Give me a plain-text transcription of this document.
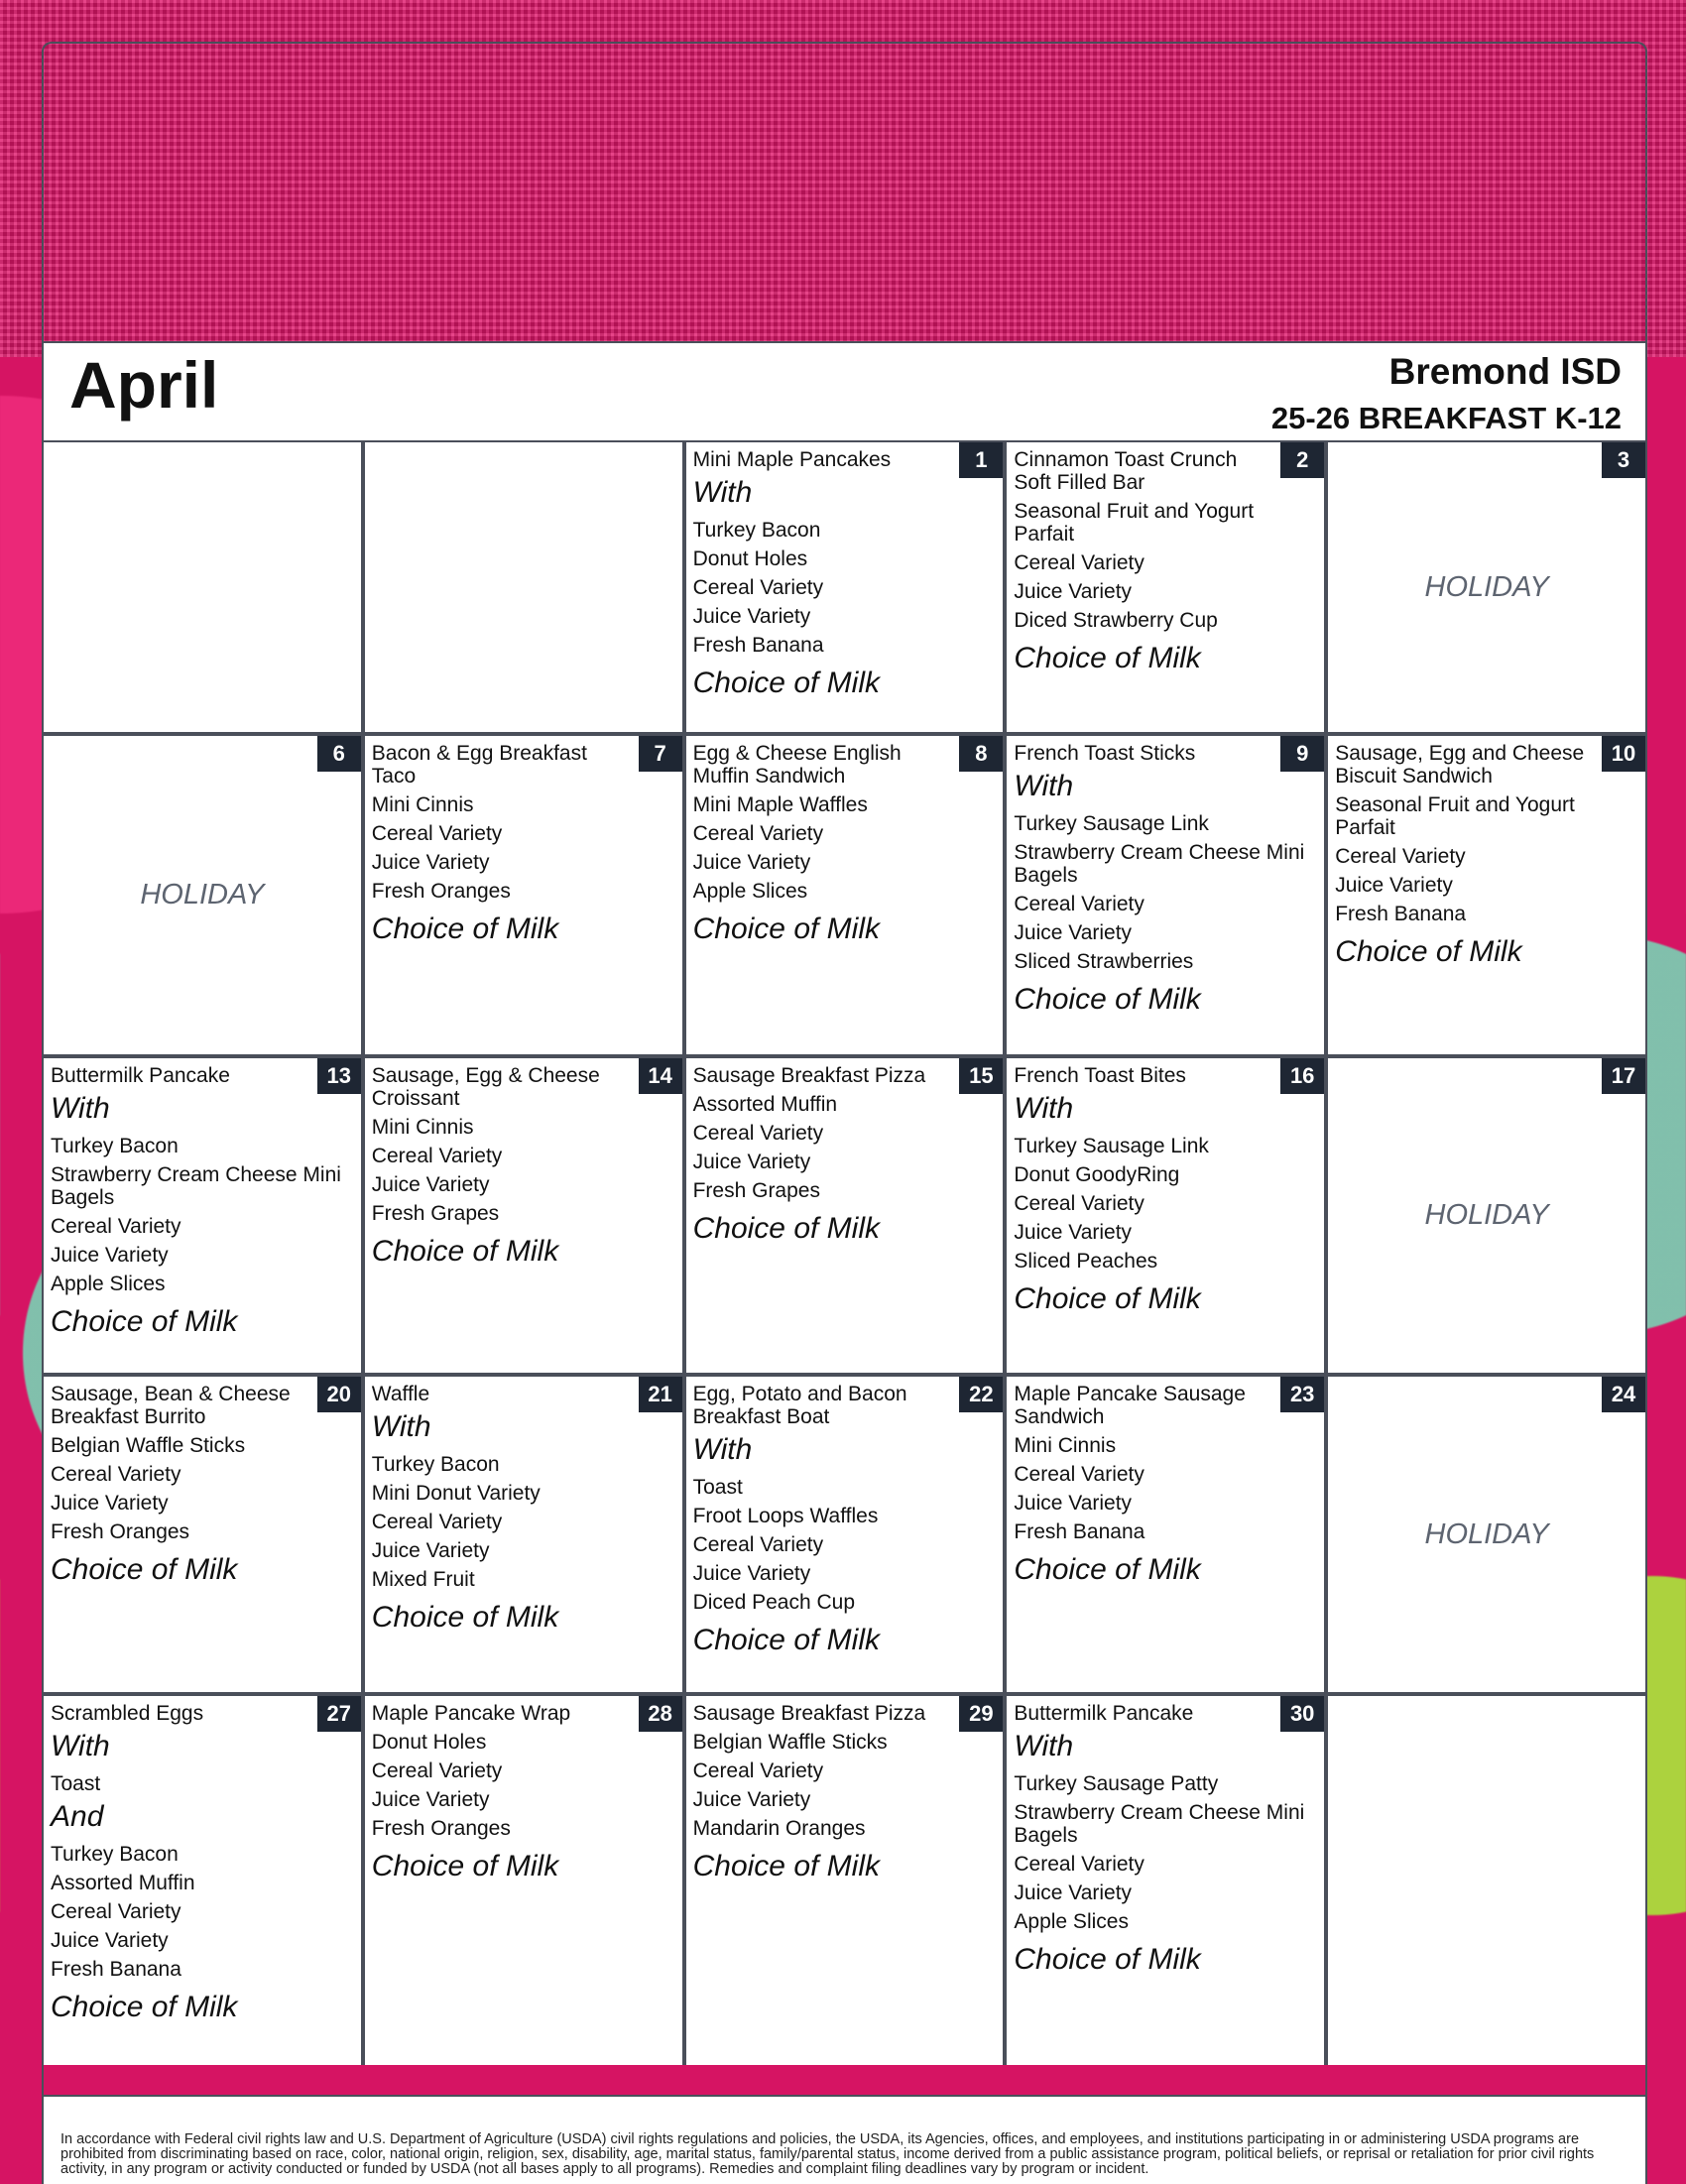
April	Bremond ISD
25-26 BREAKFAST K-12
1
Mini Maple Pancakes
With
Turkey Bacon
Donut Holes
Cereal Variety
Juice Variety
Fresh Banana
Choice of Milk
2
Cinnamon Toast Crunch Soft Filled Bar
Seasonal Fruit and Yogurt Parfait
Cereal Variety
Juice Variety
Diced Strawberry Cup
Choice of Milk
3
HOLIDAY
6
HOLIDAY
7
Bacon & Egg Breakfast Taco
Mini Cinnis
Cereal Variety
Juice Variety
Fresh Oranges
Choice of Milk
8
Egg & Cheese English Muffin Sandwich
Mini Maple Waffles
Cereal Variety
Juice Variety
Apple Slices
Choice of Milk
9
French Toast Sticks
With
Turkey Sausage Link
Strawberry Cream Cheese Mini Bagels
Cereal Variety
Juice Variety
Sliced Strawberries
Choice of Milk
10
Sausage, Egg and Cheese Biscuit Sandwich
Seasonal Fruit and Yogurt Parfait
Cereal Variety
Juice Variety
Fresh Banana
Choice of Milk
13
Buttermilk Pancake
With
Turkey Bacon
Strawberry Cream Cheese Mini Bagels
Cereal Variety
Juice Variety
Apple Slices
Choice of Milk
14
Sausage, Egg & Cheese Croissant
Mini Cinnis
Cereal Variety
Juice Variety
Fresh Grapes
Choice of Milk
15
Sausage Breakfast Pizza
Assorted Muffin
Cereal Variety
Juice Variety
Fresh Grapes
Choice of Milk
16
French Toast Bites
With
Turkey Sausage Link
Donut GoodyRing
Cereal Variety
Juice Variety
Sliced Peaches
Choice of Milk
17
HOLIDAY
20
Sausage, Bean & Cheese Breakfast Burrito
Belgian Waffle Sticks
Cereal Variety
Juice Variety
Fresh Oranges
Choice of Milk
21
Waffle
With
Turkey Bacon
Mini Donut Variety
Cereal Variety
Juice Variety
Mixed Fruit
Choice of Milk
22
Egg, Potato and Bacon Breakfast Boat
With
Toast
Froot Loops Waffles
Cereal Variety
Juice Variety
Diced Peach Cup
Choice of Milk
23
Maple Pancake Sausage Sandwich
Mini Cinnis
Cereal Variety
Juice Variety
Fresh Banana
Choice of Milk
24
HOLIDAY
27
Scrambled Eggs
With
Toast
And
Turkey Bacon
Assorted Muffin
Cereal Variety
Juice Variety
Fresh Banana
Choice of Milk
28
Maple Pancake Wrap
Donut Holes
Cereal Variety
Juice Variety
Fresh Oranges
Choice of Milk
29
Sausage Breakfast Pizza
Belgian Waffle Sticks
Cereal Variety
Juice Variety
Mandarin Oranges
Choice of Milk
30
Buttermilk Pancake
With
Turkey Sausage Patty
Strawberry Cream Cheese Mini Bagels
Cereal Variety
Juice Variety
Apple Slices
Choice of Milk
In accordance with Federal civil rights law and U.S. Department of Agriculture (USDA) civil rights regulations and policies, the USDA, its Agencies, offices, and employees, and institutions participating in or administering USDA programs are prohibited from discriminating based on race, color, national origin, religion, sex, disability, age, marital status, family/parental status, income derived from a public assistance program, political beliefs, or reprisal or retaliation for prior civil rights activity, in any program or activity conducted or funded by USDA (not all bases apply to all programs). Remedies and complaint filing deadlines vary by program or incident.
